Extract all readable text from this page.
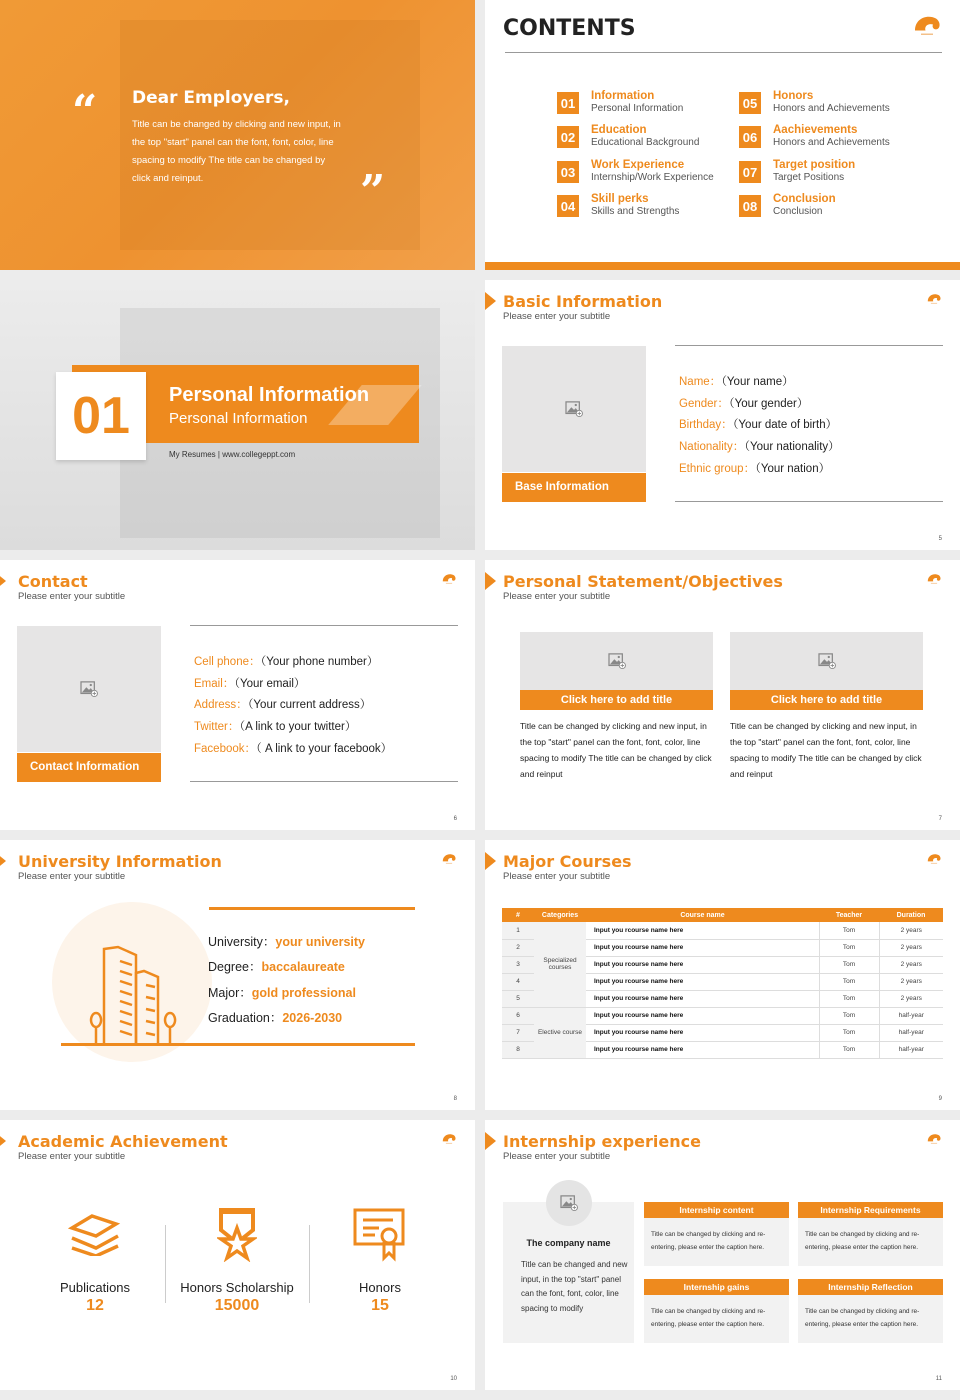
“ Dear Employers,
Title can be changed by clicking and new input, in the top "start" panel can the font, font, color, line spacing to modify The title can be changed by click and reinput.	”
CONTENTS
01	Information
Personal Information
02	Education
Educational Background
03	Work Experience
Internship/Work Experience
04	Skill perks
Skills and Strengths
05	Honors
Honors and Achievements
06	Aachievements
Honors and Achievements
07	Target position
Target Positions
08	Conclusion
Conclusion
01	Personal Information
Personal Information
My Resumes | www.collegeppt.com
Basic Information
Please enter your subtitle
Base Information
Name：（Your name）
Gender：（Your gender）
Birthday：（Your date of birth）
Nationality：（Your nationality）
Ethnic group：（Your nation）
5
Contact
Please enter your subtitle
Contact Information
Cell phone：（Your phone number）
Email：（Your email）
Address：（Your current address）
Twitter：（A link to your twitter）
Facebook：（ A link to your facebook）
6
Personal Statement/Objectives
Please enter your subtitle
Click here to add title
Title can be changed by clicking and new input, in the top "start" panel can the font, font, color, line spacing to modify The title can be changed by click and reinput
Click here to add title
Title can be changed by clicking and new input, in the top "start" panel can the font, font, color, line spacing to modify The title can be changed by click and reinput
7
University Information
Please enter your subtitle
University：your university
Degree：baccalaureate
Major：gold professional
Graduation：2026-2030
8
Major Courses
Please enter your subtitle
#	Categories	Course name	Teacher	Duration
1	Specialized courses	Input you rcourse name here	Tom	2 years
2		Input you rcourse name here	Tom	2 years
3		Input you rcourse name here	Tom	2 years
4		Input you rcourse name here	Tom	2 years
5		Input you rcourse name here	Tom	2 years
6	Elective course	Input you rcourse name here	Tom	half-year
7		Input you rcourse name here	Tom	half-year
8		Input you rcourse name here	Tom	half-year
9
Academic Achievement
Please enter your subtitle
Publications
12
Honors Scholarship
15000
Honors
15
10
Internship experience
Please enter your subtitle
The company name
Title can be changed and new input, in the top "start" panel can the font, font, color, line spacing to modify
Internship content
Title can be changed by clicking and re-entering, please enter the caption here.
Internship Requirements
Title can be changed by clicking and re-entering, please enter the caption here.
Internship gains
Title can be changed by clicking and re-entering, please enter the caption here.
Internship Reflection
Title can be changed by clicking and re-entering, please enter the caption here.
11
